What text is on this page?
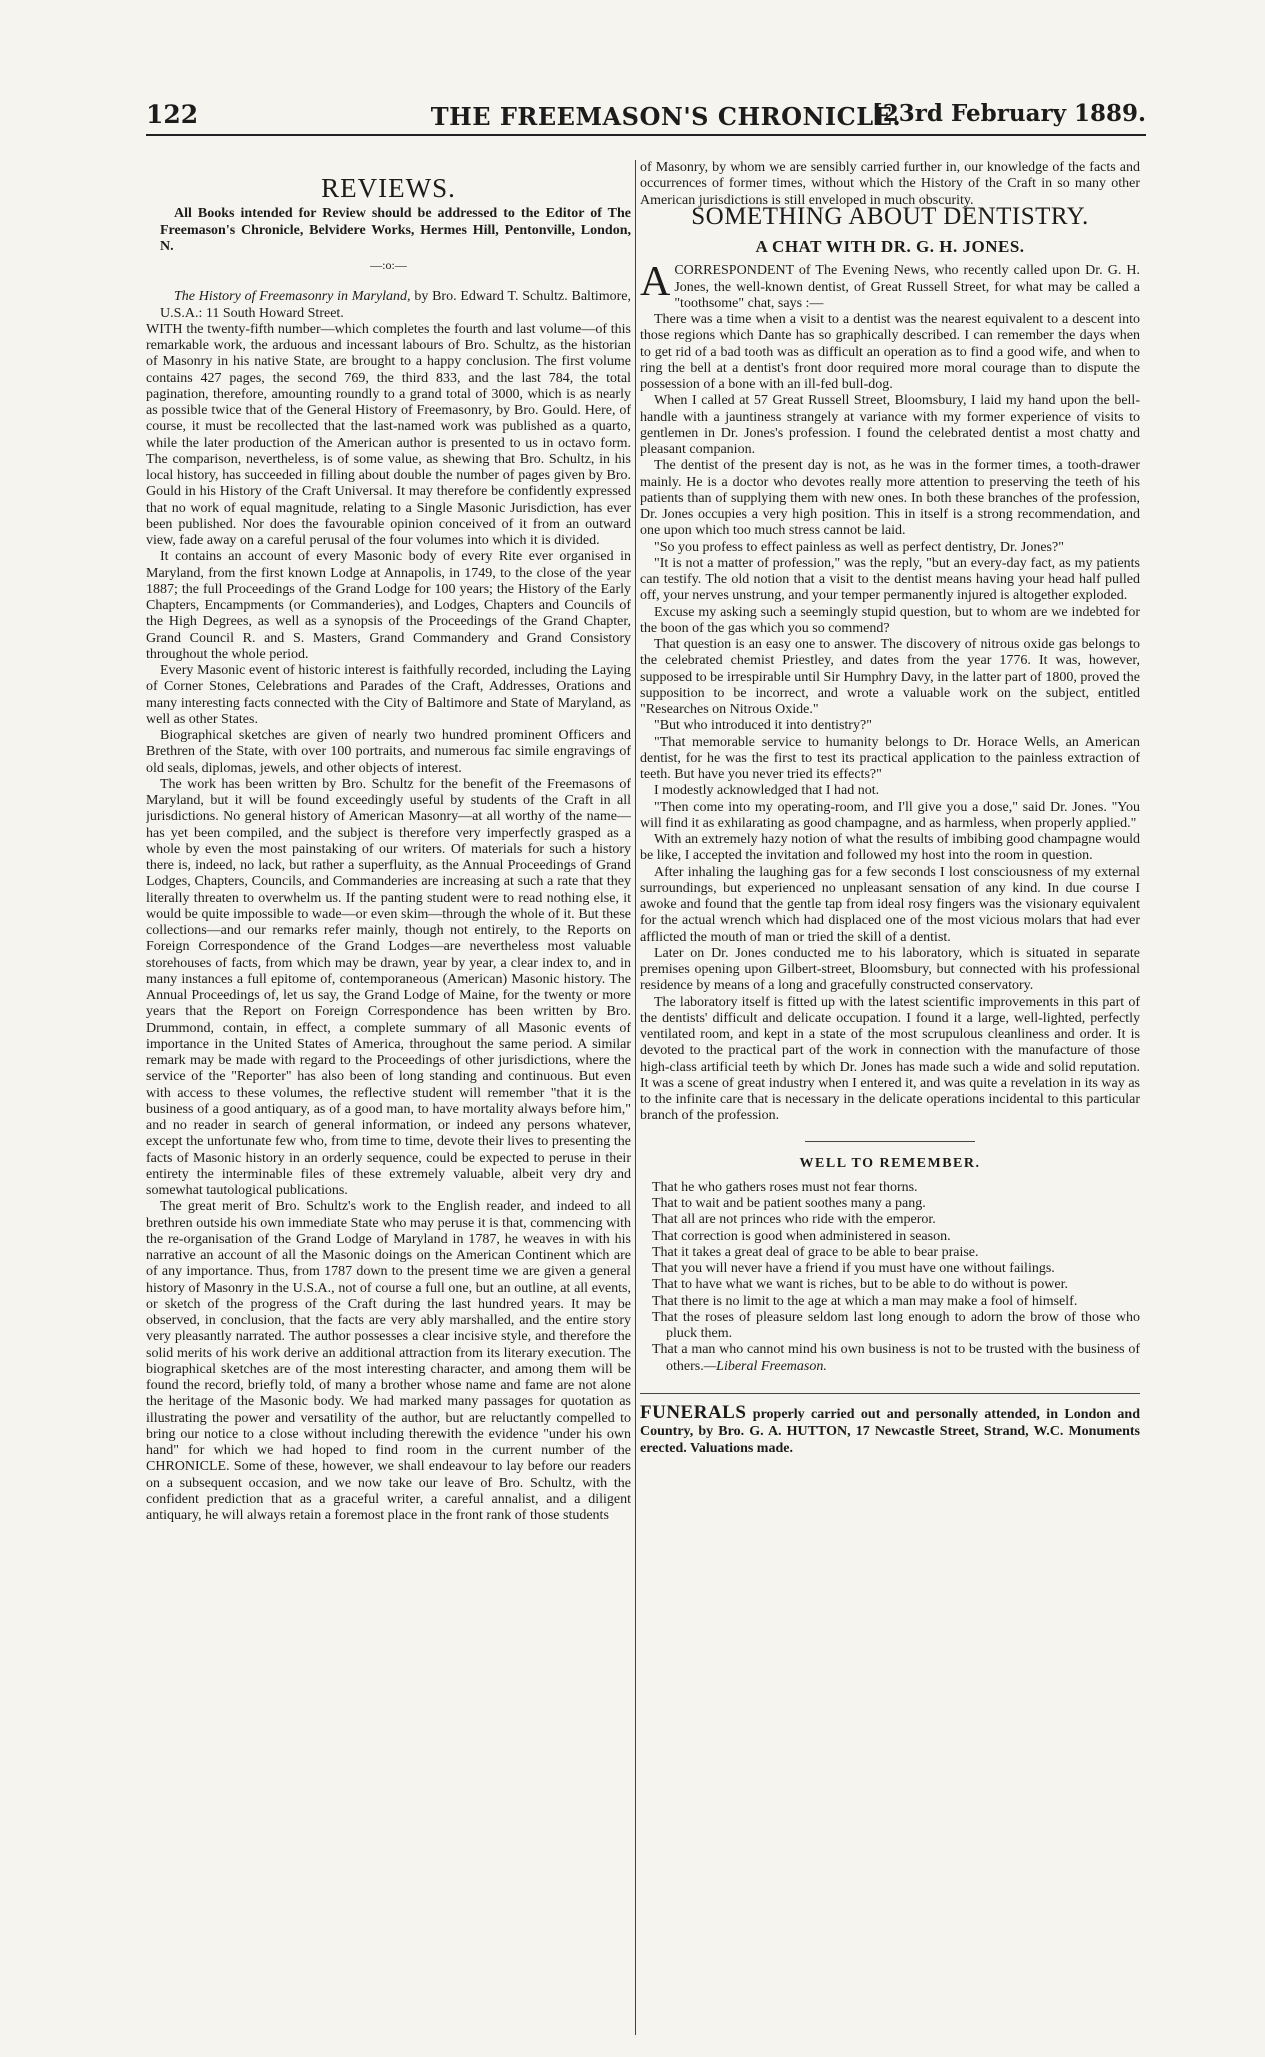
122	THE FREEMASON'S CHRONICLE.
[23rd February 1889.
REVIEWS.

All Books intended for Review should be addressed to the Editor of The Freemason's Chronicle, Belvidere Works, Hermes Hill, Pentonville, London, N.

—:o:—

The History of Freemasonry in Maryland, by Bro. Edward T. Schultz. Baltimore, U.S.A.: 11 South Howard Street.

WITH the twenty-fifth number—which completes the fourth and last volume—of this remarkable work, the arduous and incessant labours of Bro. Schultz, as the historian of Masonry in his native State, are brought to a happy conclusion. The first volume contains 427 pages, the second 769, the third 833, and the last 784, the total pagination, therefore, amounting roundly to a grand total of 3000, which is as nearly as possible twice that of the General History of Freemasonry, by Bro. Gould. Here, of course, it must be recollected that the last-named work was published as a quarto, while the later production of the American author is presented to us in octavo form. The comparison, nevertheless, is of some value, as shewing that Bro. Schultz, in his local history, has succeeded in filling about double the number of pages given by Bro. Gould in his History of the Craft Universal. It may therefore be confidently expressed that no work of equal magnitude, relating to a Single Masonic Jurisdiction, has ever been published. Nor does the favourable opinion conceived of it from an outward view, fade away on a careful perusal of the four volumes into which it is divided.

It contains an account of every Masonic body of every Rite ever organised in Maryland, from the first known Lodge at Annapolis, in 1749, to the close of the year 1887; the full Proceedings of the Grand Lodge for 100 years; the History of the Early Chapters, Encampments (or Commanderies), and Lodges, Chapters and Councils of the High Degrees, as well as a synopsis of the Proceedings of the Grand Chapter, Grand Council R. and S. Masters, Grand Commandery and Grand Consistory throughout the whole period.

Every Masonic event of historic interest is faithfully recorded, including the Laying of Corner Stones, Celebrations and Parades of the Craft, Addresses, Orations and many interesting facts connected with the City of Baltimore and State of Maryland, as well as other States.

Biographical sketches are given of nearly two hundred prominent Officers and Brethren of the State, with over 100 portraits, and numerous fac simile engravings of old seals, diplomas, jewels, and other objects of interest.

The work has been written by Bro. Schultz for the benefit of the Freemasons of Maryland, but it will be found exceedingly useful by students of the Craft in all jurisdictions. No general history of American Masonry—at all worthy of the name—has yet been compiled, and the subject is therefore very imperfectly grasped as a whole by even the most painstaking of our writers. Of materials for such a history there is, indeed, no lack, but rather a superfluity, as the Annual Proceedings of Grand Lodges, Chapters, Councils, and Commanderies are increasing at such a rate that they literally threaten to overwhelm us. If the panting student were to read nothing else, it would be quite impossible to wade—or even skim—through the whole of it. But these collections—and our remarks refer mainly, though not entirely, to the Reports on Foreign Correspondence of the Grand Lodges—are nevertheless most valuable storehouses of facts, from which may be drawn, year by year, a clear index to, and in many instances a full epitome of, contemporaneous (American) Masonic history. The Annual Proceedings of, let us say, the Grand Lodge of Maine, for the twenty or more years that the Report on Foreign Correspondence has been written by Bro. Drummond, contain, in effect, a complete summary of all Masonic events of importance in the United States of America, throughout the same period. A similar remark may be made with regard to the Proceedings of other jurisdictions, where the service of the "Reporter" has also been of long standing and continuous. But even with access to these volumes, the reflective student will remember "that it is the business of a good antiquary, as of a good man, to have mortality always before him," and no reader in search of general information, or indeed any persons whatever, except the unfortunate few who, from time to time, devote their lives to presenting the facts of Masonic history in an orderly sequence, could be expected to peruse in their entirety the interminable files of these extremely valuable, albeit very dry and somewhat tautological publications.

The great merit of Bro. Schultz's work to the English reader, and indeed to all brethren outside his own immediate State who may peruse it is that, commencing with the re-organisation of the Grand Lodge of Maryland in 1787, he weaves in with his narrative an account of all the Masonic doings on the American Continent which are of any importance. Thus, from 1787 down to the present time we are given a general history of Masonry in the U.S.A., not of course a full one, but an outline, at all events, or sketch of the progress of the Craft during the last hundred years. It may be observed, in conclusion, that the facts are very ably marshalled, and the entire story very pleasantly narrated. The author possesses a clear incisive style, and therefore the solid merits of his work derive an additional attraction from its literary execution. The biographical sketches are of the most interesting character, and among them will be found the record, briefly told, of many a brother whose name and fame are not alone the heritage of the Masonic body. We had marked many passages for quotation as illustrating the power and versatility of the author, but are reluctantly compelled to bring our notice to a close without including therewith the evidence "under his own hand" for which we had hoped to find room in the current number of the CHRONICLE. Some of these, however, we shall endeavour to lay before our readers on a subsequent occasion, and we now take our leave of Bro. Schultz, with the confident prediction that as a graceful writer, a careful annalist, and a diligent antiquary, he will always retain a foremost place in the front rank of those students

of Masonry, by whom we are sensibly carried further in, our knowledge of the facts and occurrences of former times, without which the History of the Craft in so many other American jurisdictions is still enveloped in much obscurity.

SOMETHING ABOUT DENTISTRY.
A CHAT WITH DR. G. H. JONES.

ACORRESPONDENT of The Evening News, who recently called upon Dr. G. H. Jones, the well-known dentist, of Great Russell Street, for what may be called a "toothsome" chat, says :—

There was a time when a visit to a dentist was the nearest equivalent to a descent into those regions which Dante has so graphically described. I can remember the days when to get rid of a bad tooth was as difficult an operation as to find a good wife, and when to ring the bell at a dentist's front door required more moral courage than to dispute the possession of a bone with an ill-fed bull-dog.

When I called at 57 Great Russell Street, Bloomsbury, I laid my hand upon the bell-handle with a jauntiness strangely at variance with my former experience of visits to gentlemen in Dr. Jones's profession. I found the celebrated dentist a most chatty and pleasant companion.

The dentist of the present day is not, as he was in the former times, a tooth-drawer mainly. He is a doctor who devotes really more attention to preserving the teeth of his patients than of supplying them with new ones. In both these branches of the profession, Dr. Jones occupies a very high position. This in itself is a strong recommendation, and one upon which too much stress cannot be laid.

"So you profess to effect painless as well as perfect dentistry, Dr. Jones?"

"It is not a matter of profession," was the reply, "but an every-day fact, as my patients can testify. The old notion that a visit to the dentist means having your head half pulled off, your nerves unstrung, and your temper permanently injured is altogether exploded.

Excuse my asking such a seemingly stupid question, but to whom are we indebted for the boon of the gas which you so commend?

That question is an easy one to answer. The discovery of nitrous oxide gas belongs to the celebrated chemist Priestley, and dates from the year 1776. It was, however, supposed to be irrespirable until Sir Humphry Davy, in the latter part of 1800, proved the supposition to be incorrect, and wrote a valuable work on the subject, entitled "Researches on Nitrous Oxide."

"But who introduced it into dentistry?"

"That memorable service to humanity belongs to Dr. Horace Wells, an American dentist, for he was the first to test its practical application to the painless extraction of teeth. But have you never tried its effects?"

I modestly acknowledged that I had not.

"Then come into my operating-room, and I'll give you a dose," said Dr. Jones. "You will find it as exhilarating as good champagne, and as harmless, when properly applied."

With an extremely hazy notion of what the results of imbibing good champagne would be like, I accepted the invitation and followed my host into the room in question.

After inhaling the laughing gas for a few seconds I lost consciousness of my external surroundings, but experienced no unpleasant sensation of any kind. In due course I awoke and found that the gentle tap from ideal rosy fingers was the visionary equivalent for the actual wrench which had displaced one of the most vicious molars that had ever afflicted the mouth of man or tried the skill of a dentist.

Later on Dr. Jones conducted me to his laboratory, which is situated in separate premises opening upon Gilbert-street, Bloomsbury, but connected with his professional residence by means of a long and gracefully constructed conservatory.

The laboratory itself is fitted up with the latest scientific improvements in this part of the dentists' difficult and delicate occupation. I found it a large, well-lighted, perfectly ventilated room, and kept in a state of the most scrupulous cleanliness and order. It is devoted to the practical part of the work in connection with the manufacture of those high-class artificial teeth by which Dr. Jones has made such a wide and solid reputation. It was a scene of great industry when I entered it, and was quite a revelation in its way as to the infinite care that is necessary in the delicate operations incidental to this particular branch of the profession.

WELL TO REMEMBER.

That he who gathers roses must not fear thorns.

That to wait and be patient soothes many a pang.

That all are not princes who ride with the emperor.

That correction is good when administered in season.

That it takes a great deal of grace to be able to bear praise.

That you will never have a friend if you must have one without failings.

That to have what we want is riches, but to be able to do without is power.

That there is no limit to the age at which a man may make a fool of himself.

That the roses of pleasure seldom last long enough to adorn the brow of those who pluck them.

That a man who cannot mind his own business is not to be trusted with the business of others.—Liberal Freemason.

FUNERALS properly carried out and personally attended, in London and Country, by Bro. G. A. HUTTON, 17 Newcastle Street, Strand, W.C. Monuments erected. Valuations made.
